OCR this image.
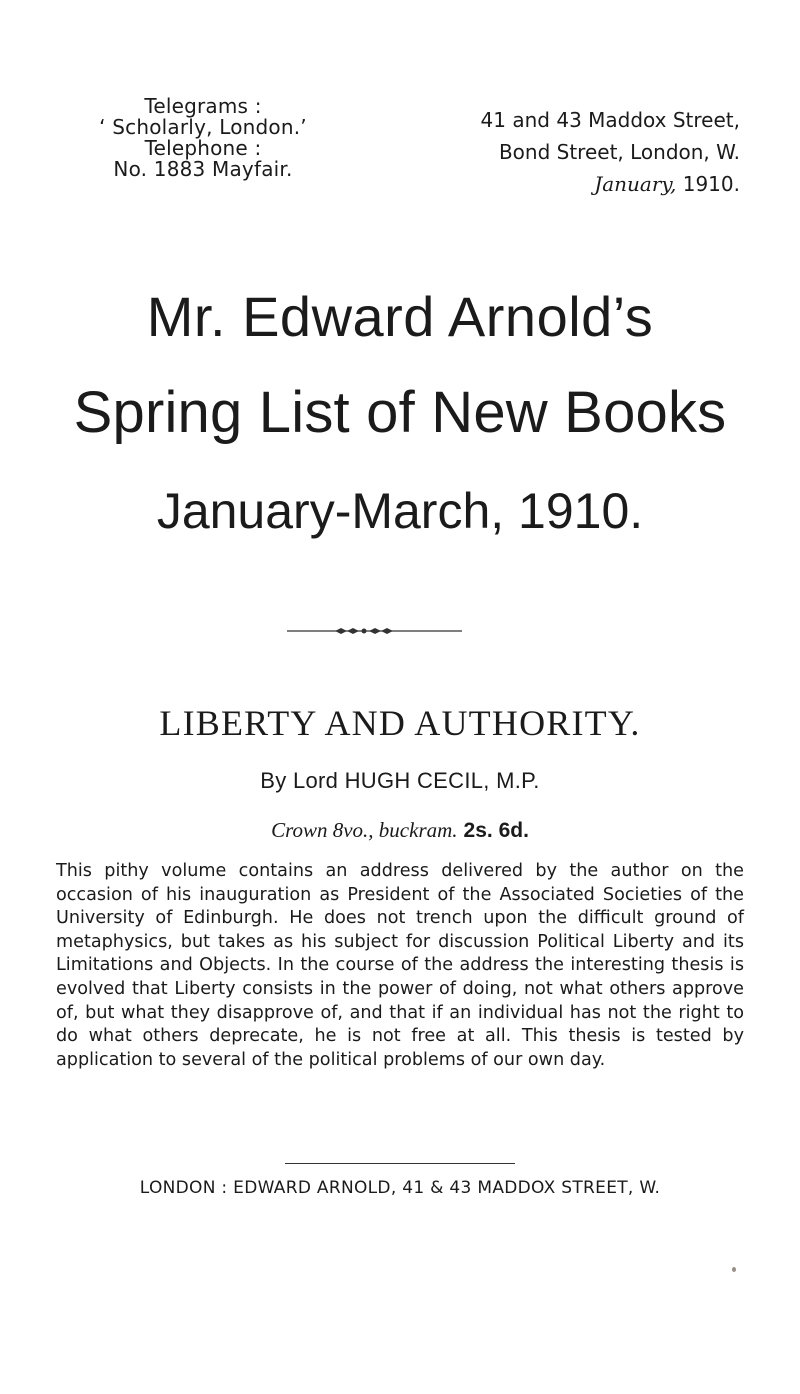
Telegrams :
‘ Scholarly, London.’
Telephone :
No. 1883 Mayfair.
41 and 43 Maddox Street,
Bond Street, London, W.
January, 1910.
Mr. Edward Arnold’s
Spring List of New Books
January-March, 1910.
LIBERTY AND AUTHORITY.
By Lord HUGH CECIL, M.P.
Crown 8vo., buckram. 2s. 6d.

This pithy volume contains an address delivered by the author on the occasion of his inauguration as President of the Associated Societies of the University of Edinburgh. He does not trench upon the difficult ground of metaphysics, but takes as his subject for discussion Political Liberty and its Limitations and Objects. In the course of the address the interesting thesis is evolved that Liberty consists in the power of doing, not what others approve of, but what they disapprove of, and that if an individual has not the right to do what others deprecate, he is not free at all. This thesis is tested by application to several of the political problems of our own day.

LONDON : EDWARD ARNOLD, 41 & 43 MADDOX STREET, W.
